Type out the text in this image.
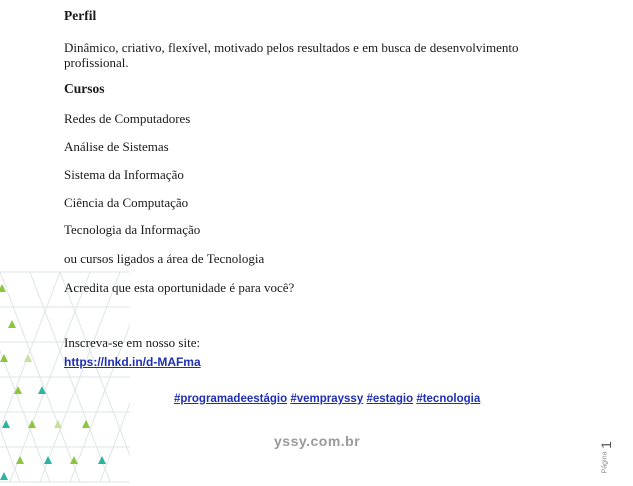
Perfil

Dinâmico, criativo, flexível, motivado pelos resultados e em busca de desenvolvimento profissional.

Cursos
Redes de Computadores
Análise de Sistemas
Sistema da Informação
Ciência da Computação
Tecnologia da Informação
ou cursos ligados a área de Tecnologia
Acredita que esta oportunidade é para você?
Inscreva-se em nosso site:
https://lnkd.in/d-MAFma
#programadeestágio #vemprayssy #estagio #tecnologia
yssy.com.br
Página
1
